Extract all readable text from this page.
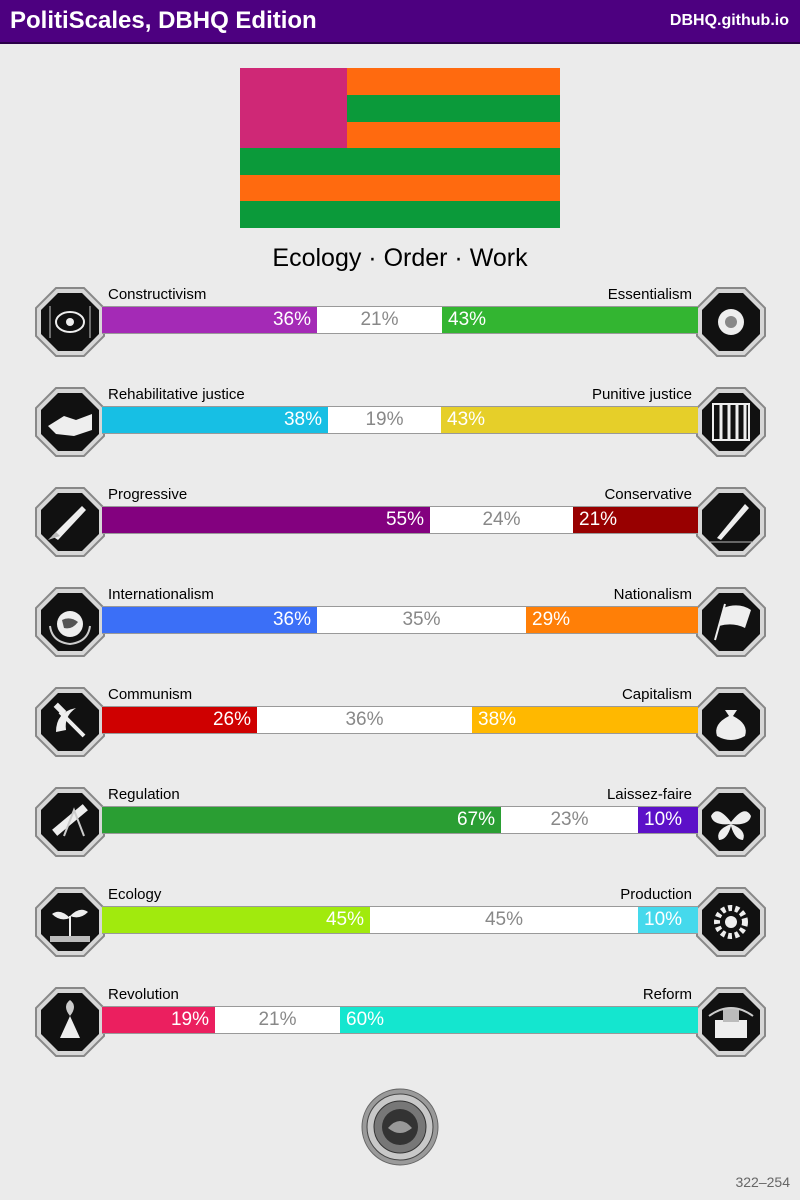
PolitiScales, DBHQ Edition	DBHQ.github.io
Ecology · Order · Work
Constructivism	Essentialism
36%	21%	43%
Rehabilitative justice	Punitive justice
38%	19%	43%
Progressive	Conservative
55%	24%	21%
Internationalism	Nationalism
36%	35%	29%
Communism	Capitalism
26%	36%	38%
Regulation	Laissez-faire
67%	23%	10%
Ecology	Production
45%	45%	10%
Revolution	Reform
19%	21%	60%
322–254
